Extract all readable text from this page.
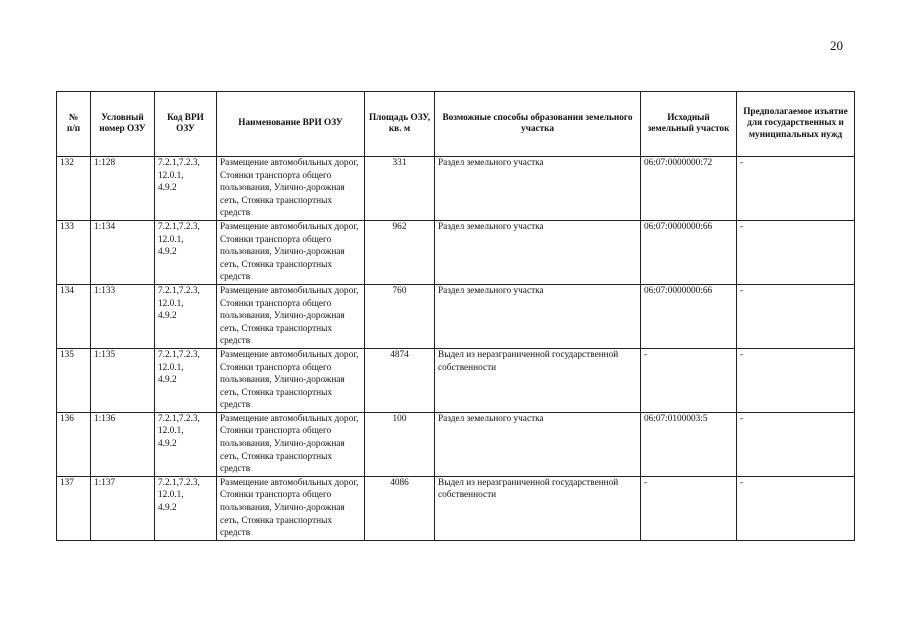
20
№
п/п	Условный номер ОЗУ	Код ВРИ ОЗУ	Наименование ВРИ ОЗУ	Площадь ОЗУ, кв. м	Возможные способы образования земельного участка	Исходный земельный участок	Предполагаемое изъятие для государственных и муниципальных нужд

132	1:128	7.2.1,7.2.3,
12.0.1,
4.9.2	Размещение автомобильных дорог, Стоянки транспорта общего пользования, Улично-дорожная сеть, Стоянка транспортных средств	331	Раздел земельного участка	06:07:0000000:72	-

133	1:134	7.2.1,7.2.3,
12.0.1,
4.9.2	Размещение автомобильных дорог, Стоянки транспорта общего пользования, Улично-дорожная сеть, Стоянка транспортных средств	962	Раздел земельного участка	06:07:0000000:66	-

134	1:133	7.2.1,7.2.3,
12.0.1,
4.9.2	Размещение автомобильных дорог, Стоянки транспорта общего пользования, Улично-дорожная сеть, Стоянка транспортных средств	760	Раздел земельного участка	06:07:0000000:66	-

135	1:135	7.2.1,7.2.3,
12.0.1,
4.9.2	Размещение автомобильных дорог, Стоянки транспорта общего пользования, Улично-дорожная сеть, Стоянка транспортных средств	4874	Выдел из неразграниченной государственной собственности	-	-

136	1:136	7.2.1,7.2.3,
12.0.1,
4.9.2	Размещение автомобильных дорог, Стоянки транспорта общего пользования, Улично-дорожная сеть, Стоянка транспортных средств	100	Раздел земельного участка	06:07:0100003:5	-

137	1:137	7.2.1,7.2.3,
12.0.1,
4.9.2	Размещение автомобильных дорог, Стоянки транспорта общего пользования, Улично-дорожная сеть, Стоянка транспортных средств	4086	Выдел из неразграниченной государственной собственности	-	-
